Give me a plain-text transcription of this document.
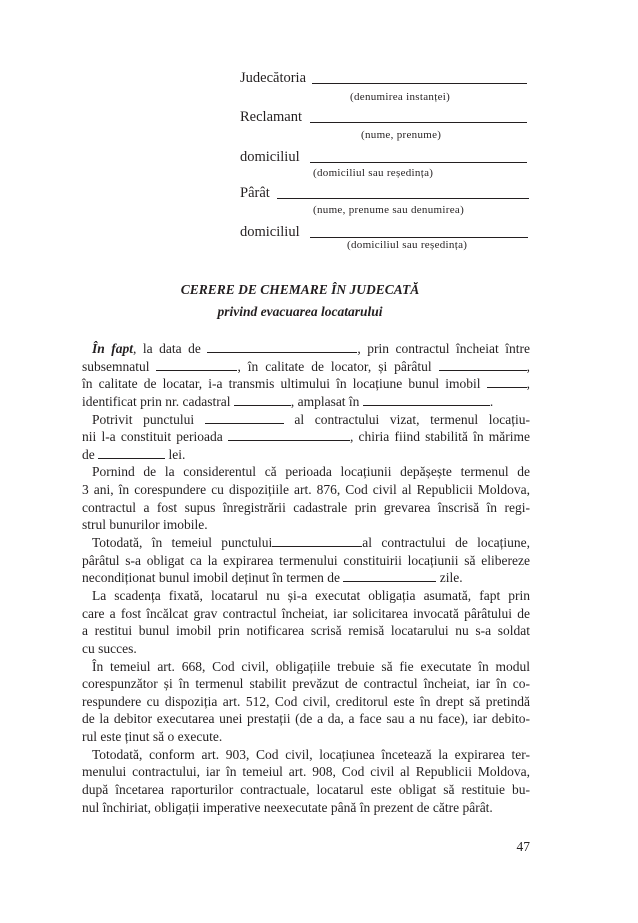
Judecătoria
(denumirea instanței)
Reclamant
(nume, prenume)
domiciliul
(domiciliul sau reședința)
Pârât
(nume, prenume sau denumirea)
domiciliul
(domiciliul sau reședința)
CERERE DE CHEMARE ÎN JUDECATĂ
privind evacuarea locatarului
În fapt, la data de	, prin contractul încheiat între
subsemnatul	, în calitate de locator, și pârâtul	,
în calitate de locatar, i-a transmis ultimului în locațiune bunul imobil	,
identificat prin nr. cadastral	, amplasat în	.
Potrivit punctului	al contractului vizat, termenul locațiu-
nii l-a constituit perioada	, chiria fiind stabilită în mărime
de	lei.
Pornind de la considerentul că perioada locațiunii depășește termenul de
3 ani, în corespundere cu dispozițiile art. 876, Cod civil al Republicii Moldova,
contractul a fost supus înregistrării cadastrale prin grevarea înscrisă în regi-
strul bunurilor imobile.
Totodată, în temeiul punctului	al contractului de locațiune,
pârâtul s-a obligat ca la expirarea termenului constituirii locațiunii să elibereze
necondiționat bunul imobil deținut în termen de	zile.
La scadența fixată, locatarul nu și-a executat obligația asumată, fapt prin
care a fost încălcat grav contractul încheiat, iar solicitarea invocată pârâtului de
a restitui bunul imobil prin notificarea scrisă remisă locatarului nu s-a soldat
cu succes.
În temeiul art. 668, Cod civil, obligațiile trebuie să fie executate în modul
corespunzător și în termenul stabilit prevăzut de contractul încheiat, iar în co-
respundere cu dispoziția art. 512, Cod civil, creditorul este în drept să pretindă
de la debitor executarea unei prestații (de a da, a face sau a nu face), iar debito-
rul este ținut să o execute.
Totodată, conform art. 903, Cod civil, locațiunea încetează la expirarea ter-
menului contractului, iar în temeiul art. 908, Cod civil al Republicii Moldova,
după încetarea raporturilor contractuale, locatarul este obligat să restituie bu-
nul închiriat, obligații imperative neexecutate până în prezent de către pârât.
47
